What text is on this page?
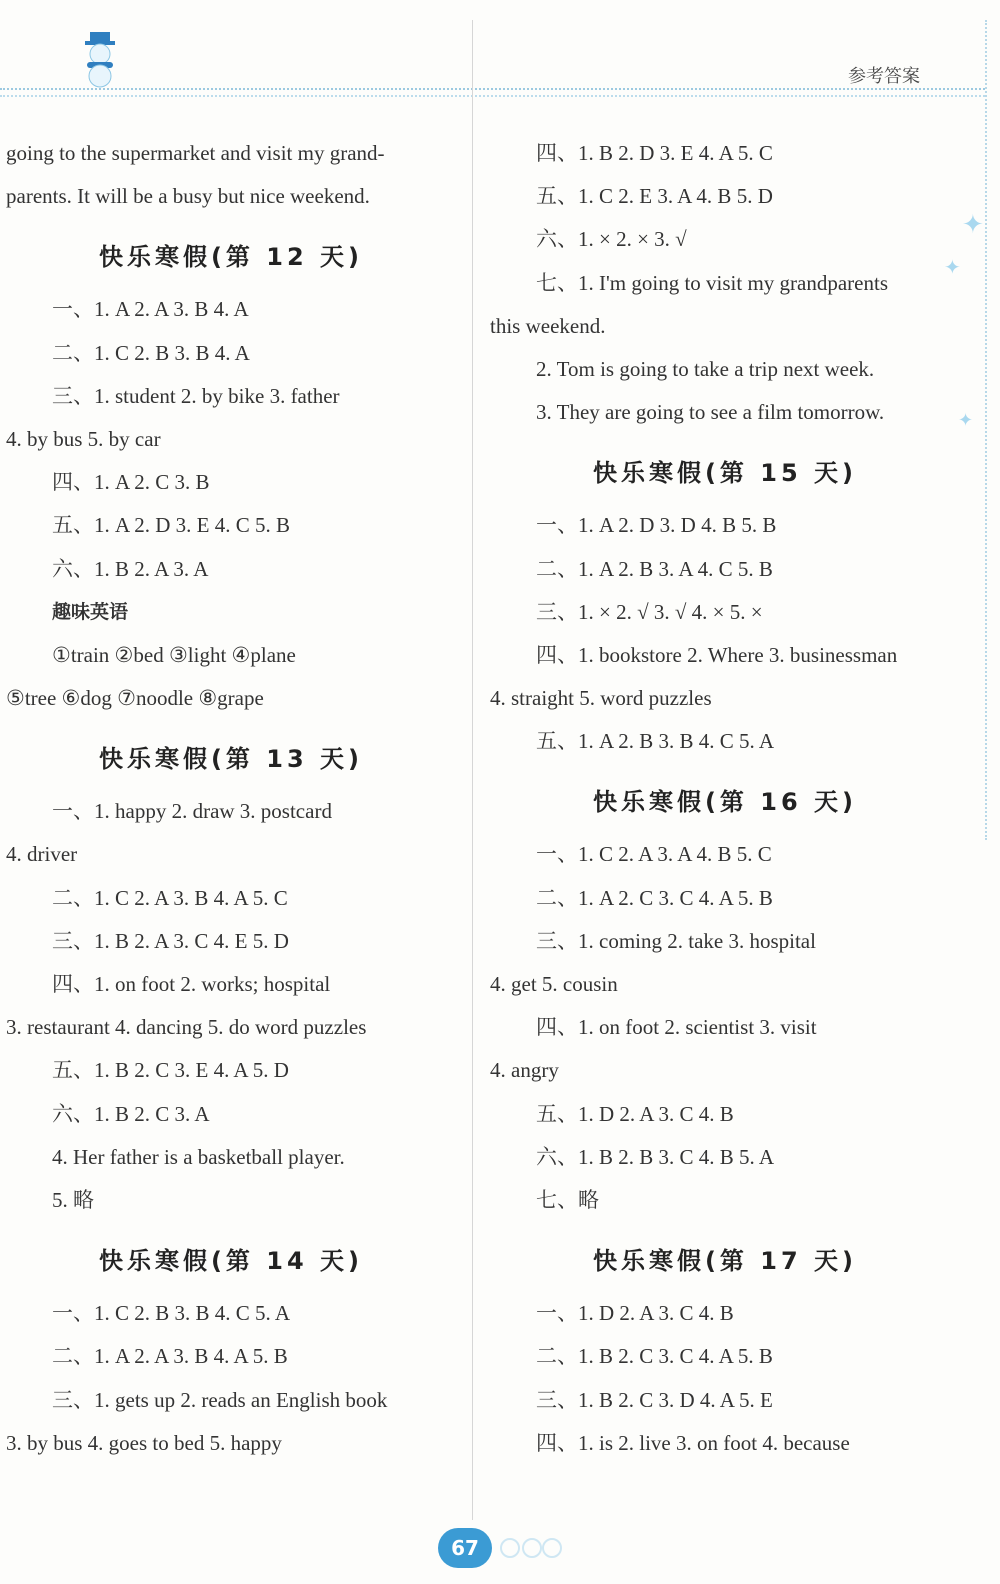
参考答案
✦
✦
✦
going to the supermarket and visit my grand-
parents. It will be a busy but nice weekend.
快乐寒假(第 12 天)
一、1. A 2. A 3. B 4. A
二、1. C 2. B 3. B 4. A
三、1. student 2. by bike 3. father
4. by bus 5. by car
四、1. A 2. C 3. B
五、1. A 2. D 3. E 4. C 5. B
六、1. B 2. A 3. A
趣味英语
①train ②bed ③light ④plane
⑤tree ⑥dog ⑦noodle ⑧grape
快乐寒假(第 13 天)
一、1. happy 2. draw 3. postcard
4. driver
二、1. C 2. A 3. B 4. A 5. C
三、1. B 2. A 3. C 4. E 5. D
四、1. on foot 2. works; hospital
3. restaurant 4. dancing 5. do word puzzles
五、1. B 2. C 3. E 4. A 5. D
六、1. B 2. C 3. A
4. Her father is a basketball player.
5. 略
快乐寒假(第 14 天)
一、1. C 2. B 3. B 4. C 5. A
二、1. A 2. A 3. B 4. A 5. B
三、1. gets up 2. reads an English book
3. by bus 4. goes to bed 5. happy
四、1. B 2. D 3. E 4. A 5. C
五、1. C 2. E 3. A 4. B 5. D
六、1. × 2. × 3. √
七、1. I'm going to visit my grandparents
this weekend.
2. Tom is going to take a trip next week.
3. They are going to see a film tomorrow.
快乐寒假(第 15 天)
一、1. A 2. D 3. D 4. B 5. B
二、1. A 2. B 3. A 4. C 5. B
三、1. × 2. √ 3. √ 4. × 5. ×
四、1. bookstore 2. Where 3. businessman
4. straight 5. word puzzles
五、1. A 2. B 3. B 4. C 5. A
快乐寒假(第 16 天)
一、1. C 2. A 3. A 4. B 5. C
二、1. A 2. C 3. C 4. A 5. B
三、1. coming 2. take 3. hospital
4. get 5. cousin
四、1. on foot 2. scientist 3. visit
4. angry
五、1. D 2. A 3. C 4. B
六、1. B 2. B 3. C 4. B 5. A
七、略
快乐寒假(第 17 天)
一、1. D 2. A 3. C 4. B
二、1. B 2. C 3. C 4. A 5. B
三、1. B 2. C 3. D 4. A 5. E
四、1. is 2. live 3. on foot 4. because
67
